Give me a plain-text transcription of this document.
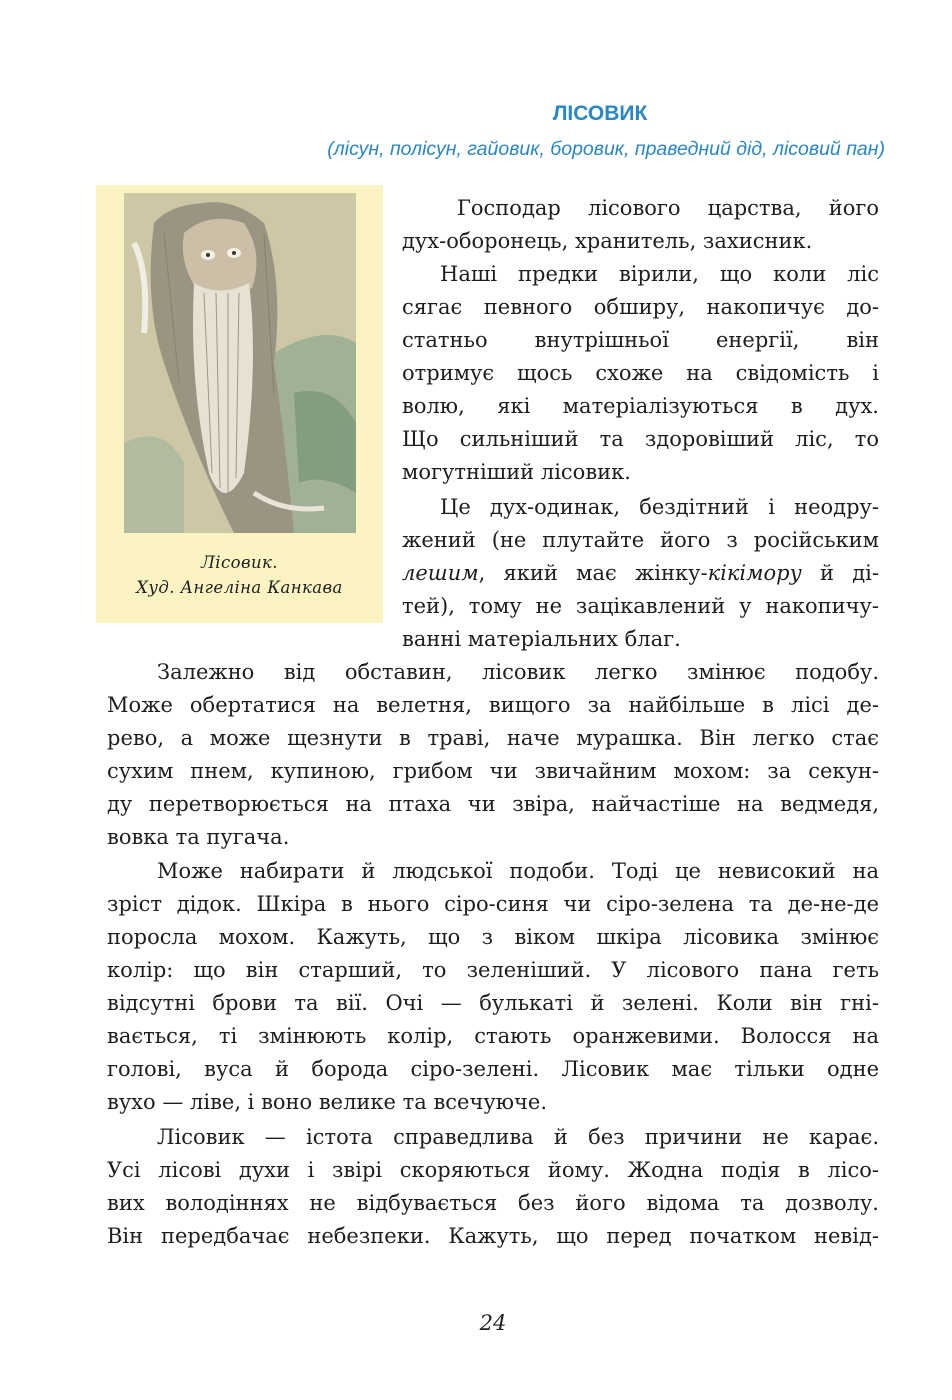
ЛІСОВИК
(лісун, полісун, гайовик, боровик, праведний дід, лісовий пан)
Лісовик.
Худ. Ангеліна Канкава
Господар лісового царства, його
дух-оборонець, хранитель, захисник.
Наші предки вірили, що коли ліс
сягає певного обширу, накопичує до-
статньо внутрішньої енергії, він
отримує щось схоже на свідомість і
волю, які матеріалізуються в дух.
Що сильніший та здоровіший ліс, то
могутніший лісовик.
Це дух-одинак, бездітний і неодру-
жений (не плутайте його з російським
лешим, який має жінку-кікімору й ді-
тей), тому не зацікавлений у накопичу-
ванні матеріальних благ.
Залежно від обставин, лісовик легко змінює подобу.
Може обертатися на велетня, вищого за найбільше в лісі де-
рево, а може щезнути в траві, наче мурашка. Він легко стає
сухим пнем, купиною, грибом чи звичайним мохом: за секун-
ду перетворюється на птаха чи звіра, найчастіше на ведмедя,
вовка та пугача.
Може набирати й людської подоби. Тоді це невисокий на
зріст дідок. Шкіра в нього сіро-синя чи сіро-зелена та де-не-де
поросла мохом. Кажуть, що з віком шкіра лісовика змінює
колір: що він старший, то зеленіший. У лісового пана геть
відсутні брови та вії. Очі — булькаті й зелені. Коли він гні-
вається, ті змінюють колір, стають оранжевими. Волосся на
голові, вуса й борода сіро-зелені. Лісовик має тільки одне
вухо — ліве, і воно велике та всечуюче.
Лісовик — істота справедлива й без причини не карає.
Усі лісові духи і звірі скоряються йому. Жодна подія в лісо-
вих володіннях не відбувається без його відома та дозволу.
Він передбачає небезпеки. Кажуть, що перед початком невід-
24
